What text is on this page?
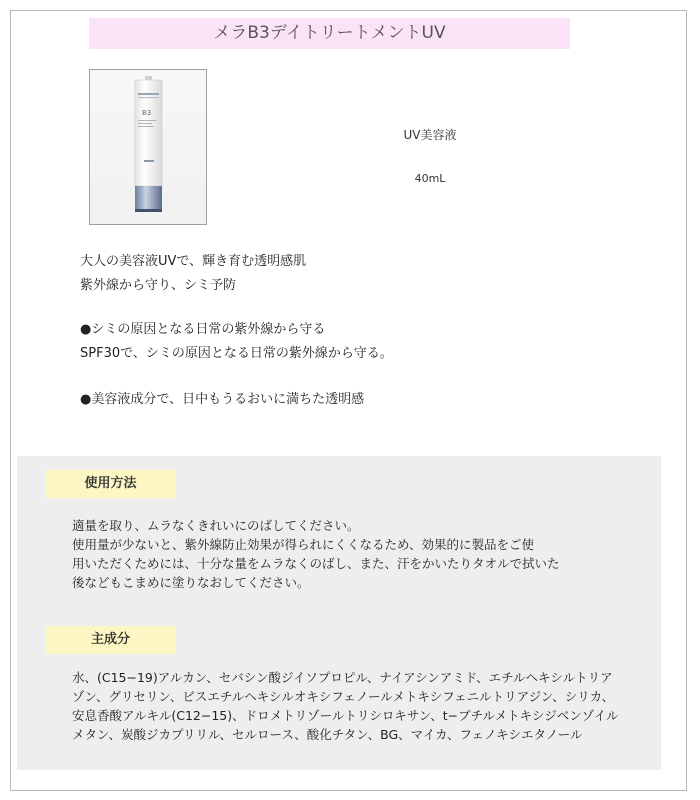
メラB3デイトリートメントUV
B3
UV美容液
40mL

大人の美容液UVで、輝き育む透明感肌

紫外線から守り、シミ予防

●シミの原因となる日常の紫外線から守る

SPF30で、シミの原因となる日常の紫外線から守る。

●美容液成分で、日中もうるおいに満ちた透明感

使用方法

適量を取り、ムラなくきれいにのばしてください。

使用量が少ないと、紫外線防止効果が得られにくくなるため、効果的に製品をご使

用いただくためには、十分な量をムラなくのばし、また、汗をかいたりタオルで拭いた

後などもこまめに塗りなおしてください。

主成分
水、(C15−19)アルカン、セバシン酸ジイソプロピル、ナイアシンアミド、エチルヘキシルトリアゾン、グリセリン、ビスエチルヘキシルオキシフェノールメトキシフェニルトリアジン、シリカ、安息香酸アルキル(C12−15)、ドロメトリゾールトリシロキサン、t−ブチルメトキシジベンゾイルメタン、炭酸ジカプリリル、セルロース、酸化チタン、BG、マイカ、フェノキシエタノール
